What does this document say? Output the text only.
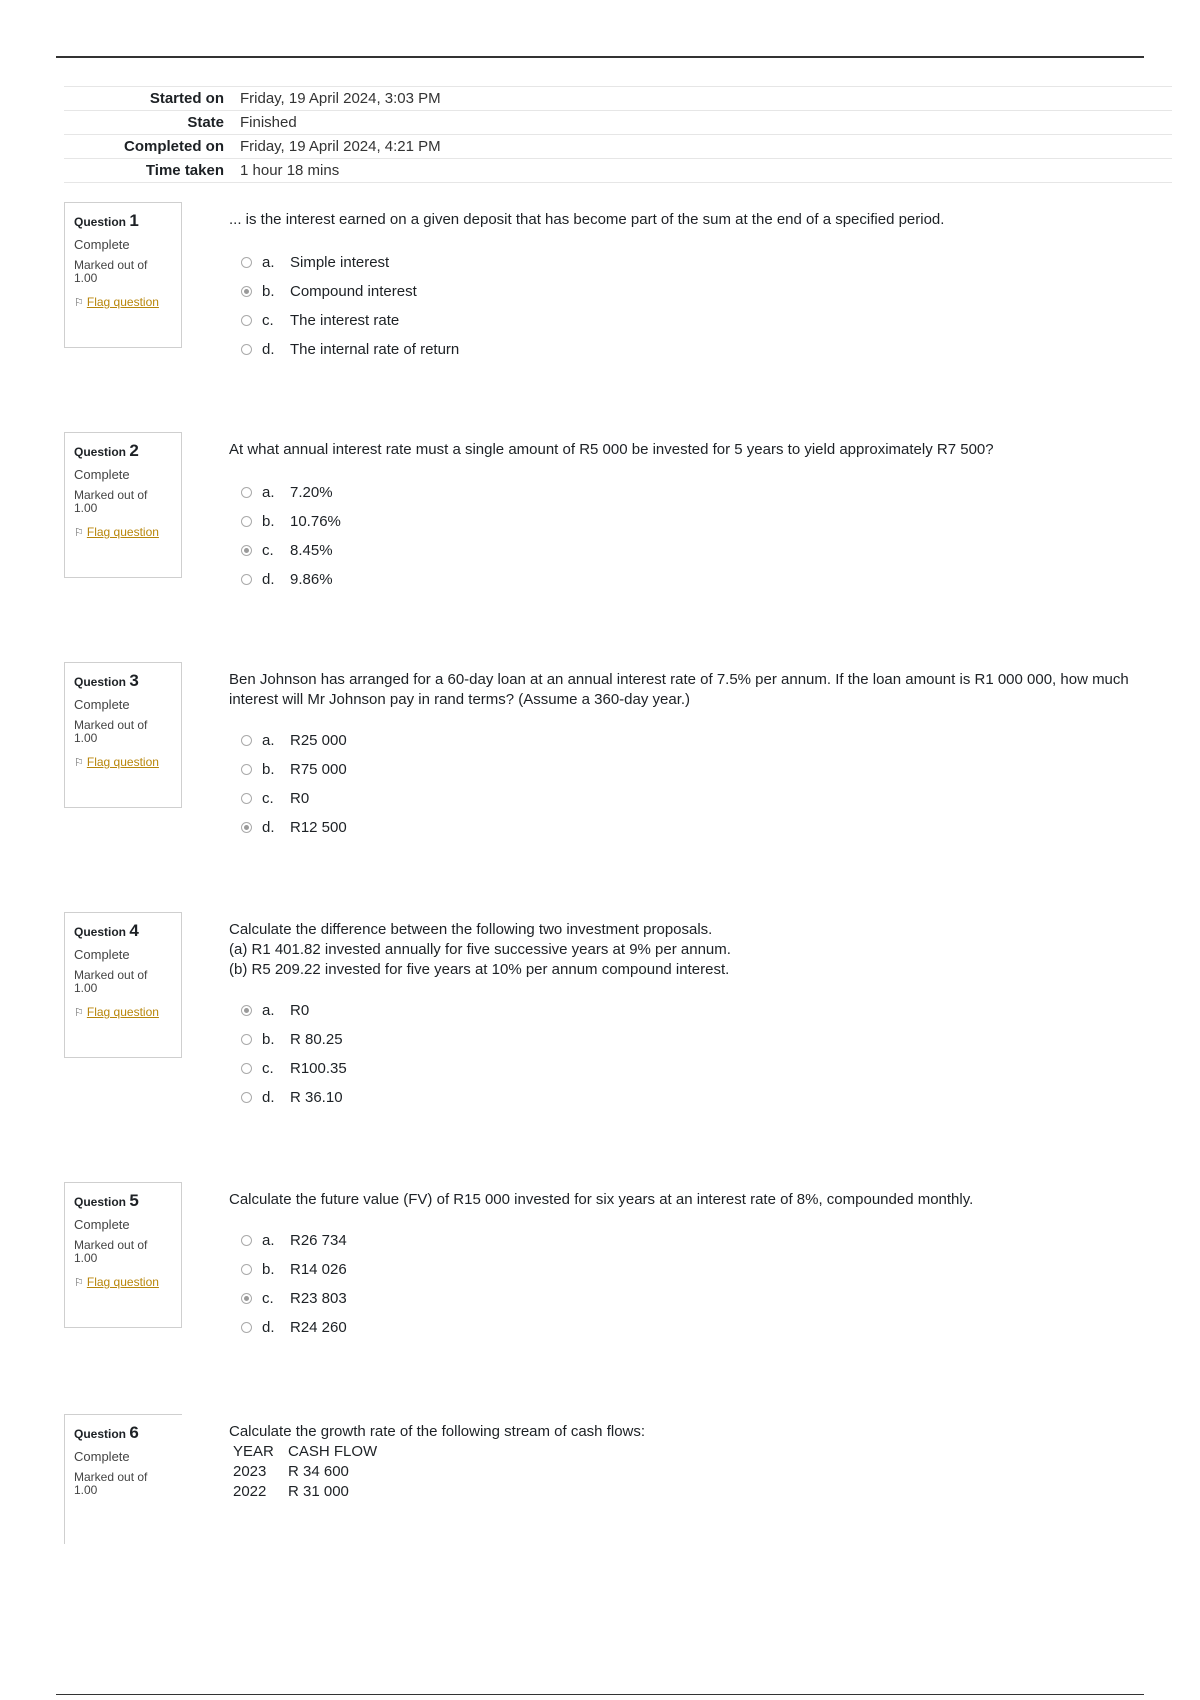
Started on	Friday, 19 April 2024, 3:03 PM
State	Finished
Completed on	Friday, 19 April 2024, 4:21 PM
Time taken	1 hour 18 mins
Question 1
Complete
Marked out of 1.00
⚐ Flag question
... is the interest earned on a given deposit that has become part of the sum at the end of a specified period.
a.	Simple interest
b.	Compound interest
c.	The interest rate
d.	The internal rate of return
Question 2
Complete
Marked out of 1.00
⚐ Flag question
At what annual interest rate must a single amount of R5 000 be invested for 5 years to yield approximately R7 500?
a.	7.20%
b.	10.76%
c.	8.45%
d.	9.86%
Question 3
Complete
Marked out of 1.00
⚐ Flag question
Ben Johnson has arranged for a 60-day loan at an annual interest rate of 7.5% per annum. If the loan amount is R1 000 000, how much interest will Mr Johnson pay in rand terms? (Assume a 360-day year.)
a.	R25 000
b.	R75 000
c.	R0
d.	R12 500
Question 4
Complete
Marked out of 1.00
⚐ Flag question
Calculate the difference between the following two investment proposals.
(a) R1 401.82 invested annually for five successive years at 9% per annum.
(b) R5 209.22 invested for five years at 10% per annum compound interest.
a.	R0
b.	R 80.25
c.	R100.35
d.	R 36.10
Question 5
Complete
Marked out of 1.00
⚐ Flag question
Calculate the future value (FV) of R15 000 invested for six years at an interest rate of 8%, compounded monthly.
a.	R26 734
b.	R14 026
c.	R23 803
d.	R24 260
Question 6
Complete
Marked out of 1.00
Calculate the growth rate of the following stream of cash flows:
YEAR CASH FLOW
2023	R 34 600
2022	R 31 000
